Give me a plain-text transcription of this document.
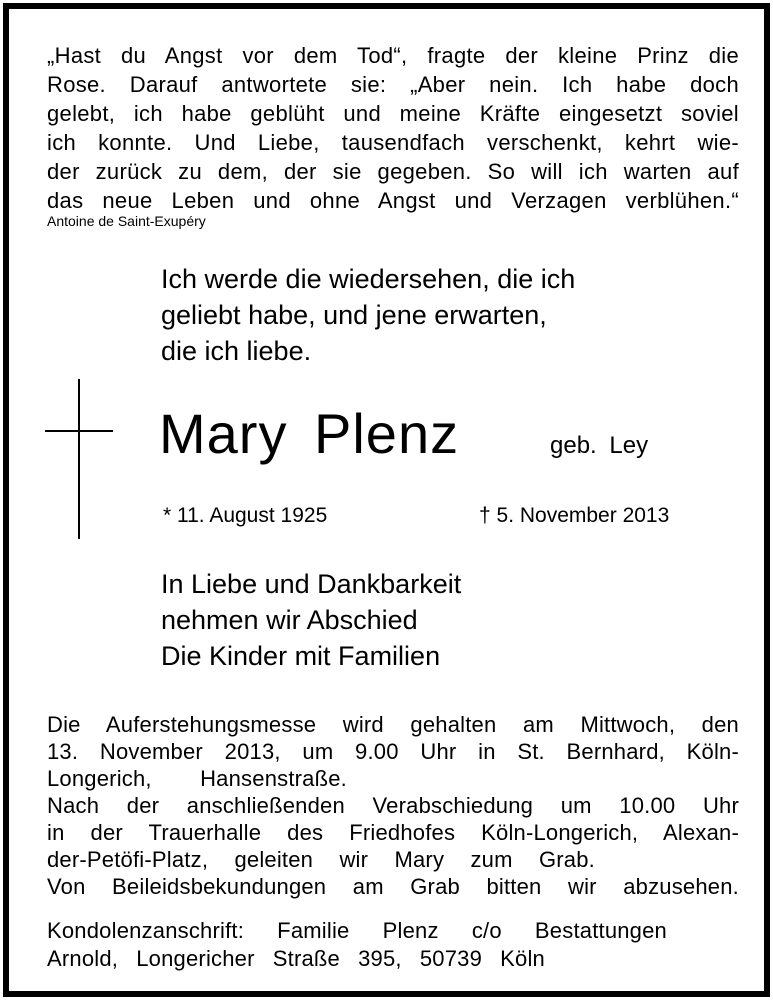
„Hast du Angst vor dem Tod“, fragte der kleine Prinz die
Rose. Darauf antwortete sie: „Aber nein. Ich habe doch
gelebt, ich habe geblüht und meine Kräfte eingesetzt soviel
ich konnte. Und Liebe, tausendfach verschenkt, kehrt wie-
der zurück zu dem, der sie gegeben. So will ich warten auf
das neue Leben und ohne Angst und Verzagen verblühen.“
Antoine de Saint-Exupéry
Ich werde die wiedersehen, die ich
geliebt habe, und jene erwarten,
die ich liebe.
Mary Plenz	geb. Ley
* 11. August 1925	† 5. November 2013
In Liebe und Dankbarkeit
nehmen wir Abschied
Die Kinder mit Familien
Die Auferstehungsmesse wird gehalten am Mittwoch, den
13. November 2013, um 9.00 Uhr in St. Bernhard, Köln-
Longerich, Hansenstraße.
Nach der anschließenden Verabschiedung um 10.00 Uhr
in der Trauerhalle des Friedhofes Köln-Longerich, Alexan-
der-Petöfi-Platz, geleiten wir Mary zum Grab.
Von Beileidsbekundungen am Grab bitten wir abzusehen.
Kondolenzanschrift: Familie Plenz c/o Bestattungen
Arnold, Longericher Straße 395, 50739 Köln
